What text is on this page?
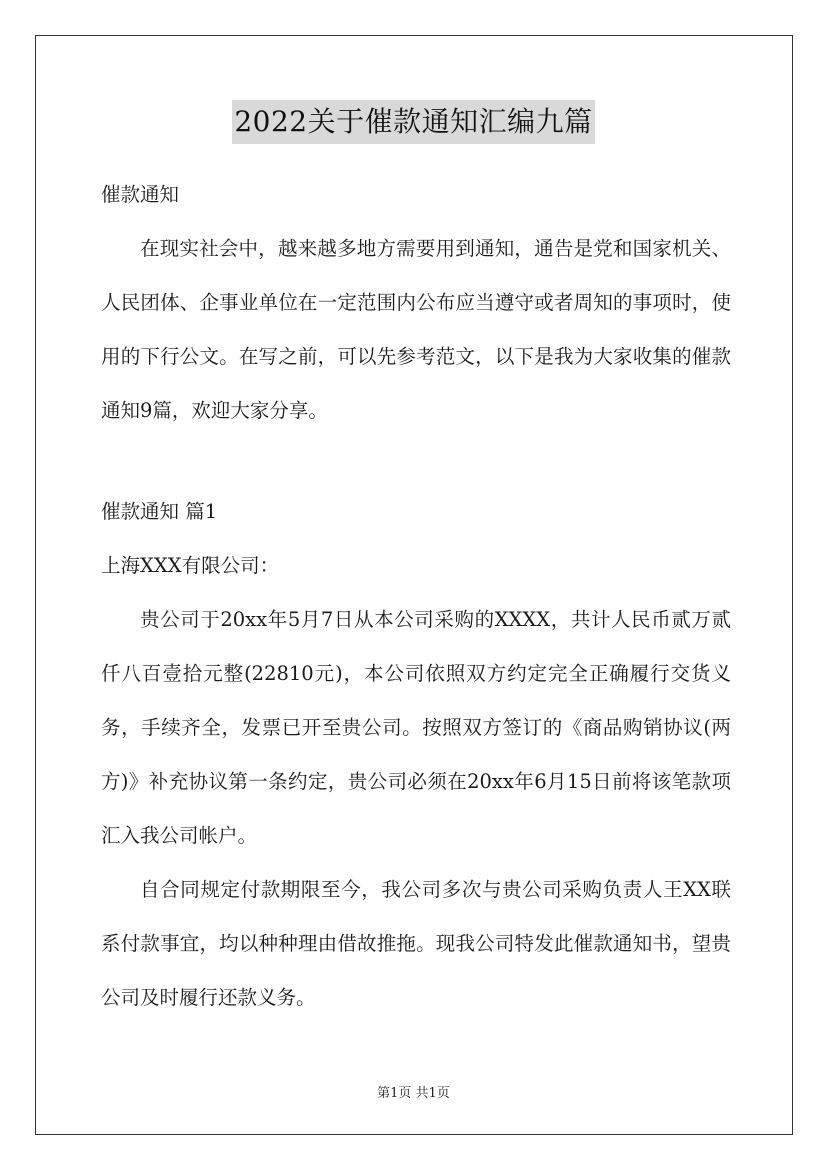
2022关于催款通知汇编九篇

催款通知

在现实社会中，越来越多地方需要用到通知，通告是党和国家机关、人民团体、企事业单位在一定范围内公布应当遵守或者周知的事项时，使用的下行公文。在写之前，可以先参考范文，以下是我为大家收集的催款通知9篇，欢迎大家分享。

催款通知 篇1

上海XXX有限公司：

贵公司于20xx年5月7日从本公司采购的XXXX，共计人民币贰万贰仟八百壹拾元整(22810元)，本公司依照双方约定完全正确履行交货义务，手续齐全，发票已开至贵公司。按照双方签订的《商品购销协议(两方)》补充协议第一条约定，贵公司必须在20xx年6月15日前将该笔款项汇入我公司帐户。

自合同规定付款期限至今，我公司多次与贵公司采购负责人王XX联系付款事宜，均以种种理由借故推拖。现我公司特发此催款通知书，望贵公司及时履行还款义务。

第1页 共1页
